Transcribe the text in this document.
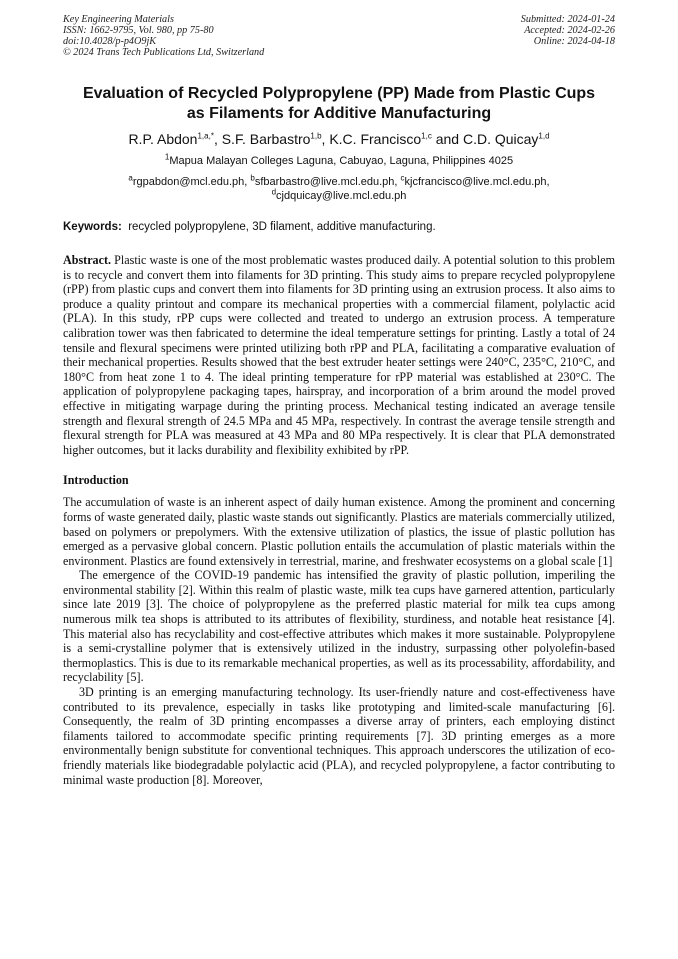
Key Engineering Materials
ISSN: 1662-9795, Vol. 980, pp 75-80
doi:10.4028/p-p4O9jK
© 2024 Trans Tech Publications Ltd, Switzerland
Submitted: 2024-01-24
Accepted: 2024-02-26
Online: 2024-04-18
Evaluation of Recycled Polypropylene (PP) Made from Plastic Cups
as Filaments for Additive Manufacturing
R.P. Abdon$^{1,a,*}$, S.F. Barbastro$^{1,b}$, K.C. Francisco$^{1,c}$ and C.D. Quicay$^{1,d}$
$^1$Mapua Malayan Colleges Laguna, Cabuyao, Laguna, Philippines 4025
$^a$rgpabdon@mcl.edu.ph, $^b$sfbarbastro@live.mcl.edu.ph, $^c$kjcfrancisco@live.mcl.edu.ph,
$^d$cjdquicay@live.mcl.edu.ph
Keywords: recycled polypropylene, 3D filament, additive manufacturing.

Abstract. Plastic waste is one of the most problematic wastes produced daily. A potential solution to this problem is to recycle and convert them into filaments for 3D printing. This study aims to prepare recycled polypropylene (rPP) from plastic cups and convert them into filaments for 3D printing using an extrusion process. It also aims to produce a quality printout and compare its mechanical properties with a commercial filament, polylactic acid (PLA). In this study, rPP cups were collected and treated to undergo an extrusion process. A temperature calibration tower was then fabricated to determine the ideal temperature settings for printing. Lastly a total of 24 tensile and flexural specimens were printed utilizing both rPP and PLA, facilitating a comparative evaluation of their mechanical properties. Results showed that the best extruder heater settings were 240°C, 235°C, 210°C, and 180°C from heat zone 1 to 4. The ideal printing temperature for rPP material was established at 230°C. The application of polypropylene packaging tapes, hairspray, and incorporation of a brim around the model proved effective in mitigating warpage during the printing process. Mechanical testing indicated an average tensile strength and flexural strength of 24.5 MPa and 45 MPa, respectively. In contrast the average tensile strength and flexural strength for PLA was measured at 43 MPa and 80 MPa respectively. It is clear that PLA demonstrated higher outcomes, but it lacks durability and flexibility exhibited by rPP.

Introduction

The accumulation of waste is an inherent aspect of daily human existence. Among the prominent and concerning forms of waste generated daily, plastic waste stands out significantly. Plastics are materials commercially utilized, based on polymers or prepolymers. With the extensive utilization of plastics, the issue of plastic pollution has emerged as a pervasive global concern. Plastic pollution entails the accumulation of plastic materials within the environment. Plastics are found extensively in terrestrial, marine, and freshwater ecosystems on a global scale [1]

The emergence of the COVID-19 pandemic has intensified the gravity of plastic pollution, imperiling the environmental stability [2]. Within this realm of plastic waste, milk tea cups have garnered attention, particularly since late 2019 [3]. The choice of polypropylene as the preferred plastic material for milk tea cups among numerous milk tea shops is attributed to its attributes of flexibility, sturdiness, and notable heat resistance [4]. This material also has recyclability and cost-effective attributes which makes it more sustainable. Polypropylene is a semi-crystalline polymer that is extensively utilized in the industry, surpassing other polyolefin-based thermoplastics. This is due to its remarkable mechanical properties, as well as its processability, affordability, and recyclability [5].

3D printing is an emerging manufacturing technology. Its user-friendly nature and cost-effectiveness have contributed to its prevalence, especially in tasks like prototyping and limited-scale manufacturing [6]. Consequently, the realm of 3D printing encompasses a diverse array of printers, each employing distinct filaments tailored to accommodate specific printing requirements [7]. 3D printing emerges as a more environmentally benign substitute for conventional techniques. This approach underscores the utilization of eco-friendly materials like biodegradable polylactic acid (PLA), and recycled polypropylene, a factor contributing to minimal waste production [8]. Moreover,
